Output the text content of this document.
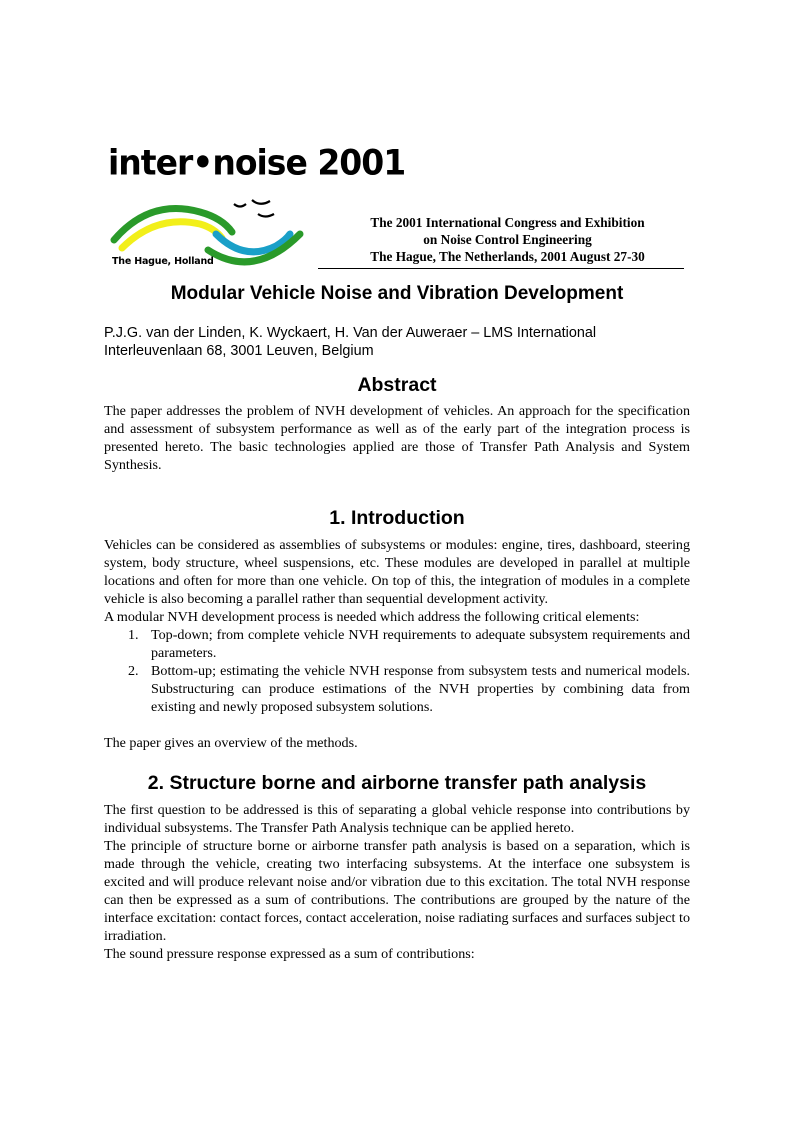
inter•noise 2001
The Hague, Holland
The 2001 International Congress and Exhibition
on Noise Control Engineering
The Hague, The Netherlands, 2001 August 27-30
Modular Vehicle Noise and Vibration Development
P.J.G. van der Linden, K. Wyckaert, H. Van der Auweraer – LMS International
Interleuvenlaan 68, 3001 Leuven, Belgium
Abstract

The paper addresses the problem of NVH development of vehicles. An approach for the specification and assessment of subsystem performance as well as of the early part of the integration process is presented hereto. The basic technologies applied are those of Transfer Path Analysis and System Synthesis.

1. Introduction

Vehicles can be considered as assemblies of subsystems or modules: engine, tires, dashboard, steering system, body structure, wheel suspensions, etc. These modules are developed in parallel at multiple locations and often for more than one vehicle. On top of this, the integration of modules in a complete vehicle is also becoming a parallel rather than sequential development activity.

A modular NVH development process is needed which address the following critical elements:

1. Top-down; from complete vehicle NVH requirements to adequate subsystem requirements and parameters.
2. Bottom-up; estimating the vehicle NVH response from subsystem tests and numerical models. Substructuring can produce estimations of the NVH properties by combining data from existing and newly proposed subsystem solutions.

The paper gives an overview of the methods.

2. Structure borne and airborne transfer path analysis

The first question to be addressed is this of separating a global vehicle response into contributions by individual subsystems. The Transfer Path Analysis technique can be applied hereto.

The principle of structure borne or airborne transfer path analysis is based on a separation, which is made through the vehicle, creating two interfacing subsystems. At the interface one subsystem is excited and will produce relevant noise and/or vibration due to this excitation. The total NVH response can then be expressed as a sum of contributions. The contributions are grouped by the nature of the interface excitation: contact forces, contact acceleration, noise radiating surfaces and surfaces subject to irradiation.

The sound pressure response expressed as a sum of contributions:
